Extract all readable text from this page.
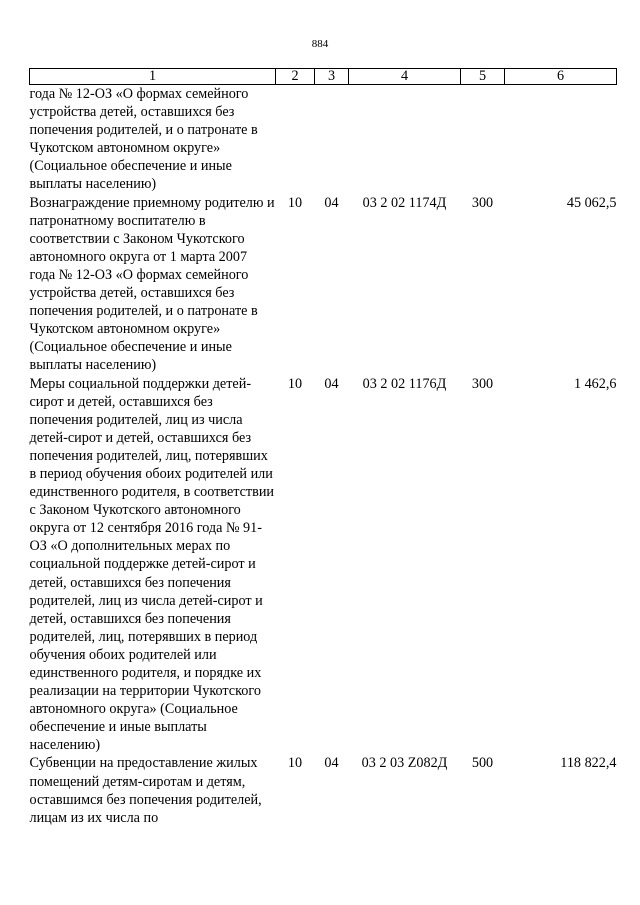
884
1	2	3	4	5	6
года № 12-ОЗ «О формах семейного устройства детей, оставшихся без попечения родителей, и о патронате в Чукотском автономном округе» (Социальное обеспечение и иные выплаты населению)					
Вознаграждение приемному родителю и патронатному воспитателю в соответствии с Законом Чукотского автономного округа от 1 марта 2007 года № 12-ОЗ «О формах семейного устройства детей, оставшихся без попечения родителей, и о патронате в Чукотском автономном округе» (Социальное обеспечение и иные выплаты населению)	10	04	03 2 02 1174Д	300	45 062,5
Меры социальной поддержки детей-сирот и детей, оставшихся без попечения родителей, лиц из числа детей-сирот и детей, оставшихся без попечения родителей, лиц, потерявших в период обучения обоих родителей или единственного родителя, в соответствии с Законом Чукотского автономного округа от 12 сентября 2016 года № 91-ОЗ «О дополнительных мерах по социальной поддержке детей-сирот и детей, оставшихся без попечения родителей, лиц из числа детей-сирот и детей, оставшихся без попечения родителей, лиц, потерявших в период обучения обоих родителей или единственного родителя, и порядке их реализации на территории Чукотского автономного округа» (Социальное обеспечение и иные выплаты населению)	10	04	03 2 02 1176Д	300	1 462,6
Субвенции на предоставление жилых помещений детям-сиротам и детям, оставшимся без попечения родителей, лицам из их числа по	10	04	03 2 03 Z082Д	500	118 822,4
